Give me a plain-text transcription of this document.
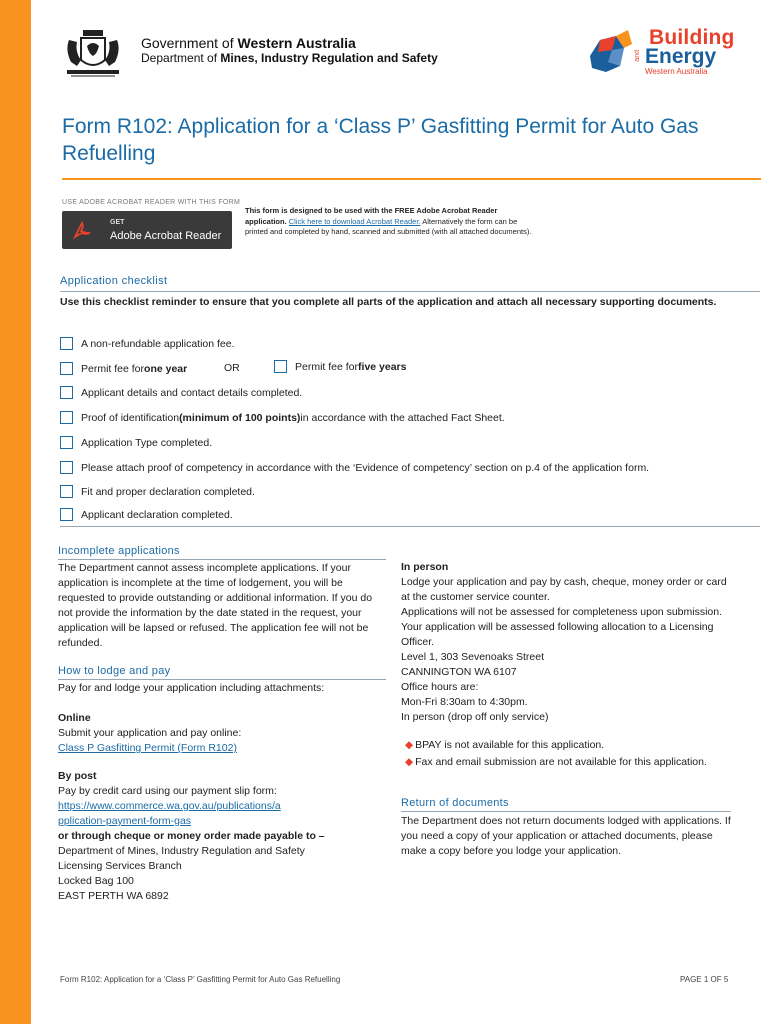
Government of Western Australia
Department of Mines, Industry Regulation and Safety
Building
and Energy
Western Australia
Form R102: Application for a ‘Class P’ Gasfitting Permit for Auto Gas Refuelling
USE ADOBE ACROBAT READER WITH THIS FORM
GET
Adobe Acrobat Reader
This form is designed to be used with the FREE Adobe Acrobat Reader application. Click here to download Acrobat Reader. Alternatively the form can be printed and completed by hand, scanned and submitted (with all attached documents).
Application checklist
Use this checklist reminder to ensure that you complete all parts of the application and attach all necessary supporting documents.
A non-refundable application fee.
Permit fee for one year	OR	Permit fee for five years
Applicant details and contact details completed.
Proof of identification (minimum of 100 points) in accordance with the attached Fact Sheet.
Application Type completed.
Please attach proof of competency in accordance with the ‘Evidence of competency’ section on p.4 of the application form.
Fit and proper declaration completed.
Applicant declaration completed.
Incomplete applications
The Department cannot assess incomplete applications. If your application is incomplete at the time of lodgement, you will be requested to provide outstanding or additional information. If you do not provide the information by the date stated in the request, your application will be lapsed or refused. The application fee will not be refunded.
How to lodge and pay
Pay for and lodge your application including attachments:
Online
Submit your application and pay online:
Class P Gasfitting Permit (Form R102)
By post
Pay by credit card using our payment slip form:
https://www.commerce.wa.gov.au/publications/a
pplication-payment-form-gas
or through cheque or money order made payable to –
Department of Mines, Industry Regulation and Safety
Licensing Services Branch
Locked Bag 100
EAST PERTH WA 6892
In person
Lodge your application and pay by cash, cheque, money order or card at the customer service counter.
Applications will not be assessed for completeness upon submission. Your application will be assessed following allocation to a Licensing Officer.
Level 1, 303 Sevenoaks Street
CANNINGTON WA 6107
Office hours are:
Mon-Fri 8:30am to 4:30pm.
In person (drop off only service)
◆ BPAY is not available for this application.
◆ Fax and email submission are not available for this application.
Return of documents
The Department does not return documents lodged with applications. If you need a copy of your application or attached documents, please make a copy before you lodge your application.
Form R102: Application for a ‘Class P’ Gasfitting Permit for Auto Gas Refuelling	PAGE 1 OF 5
